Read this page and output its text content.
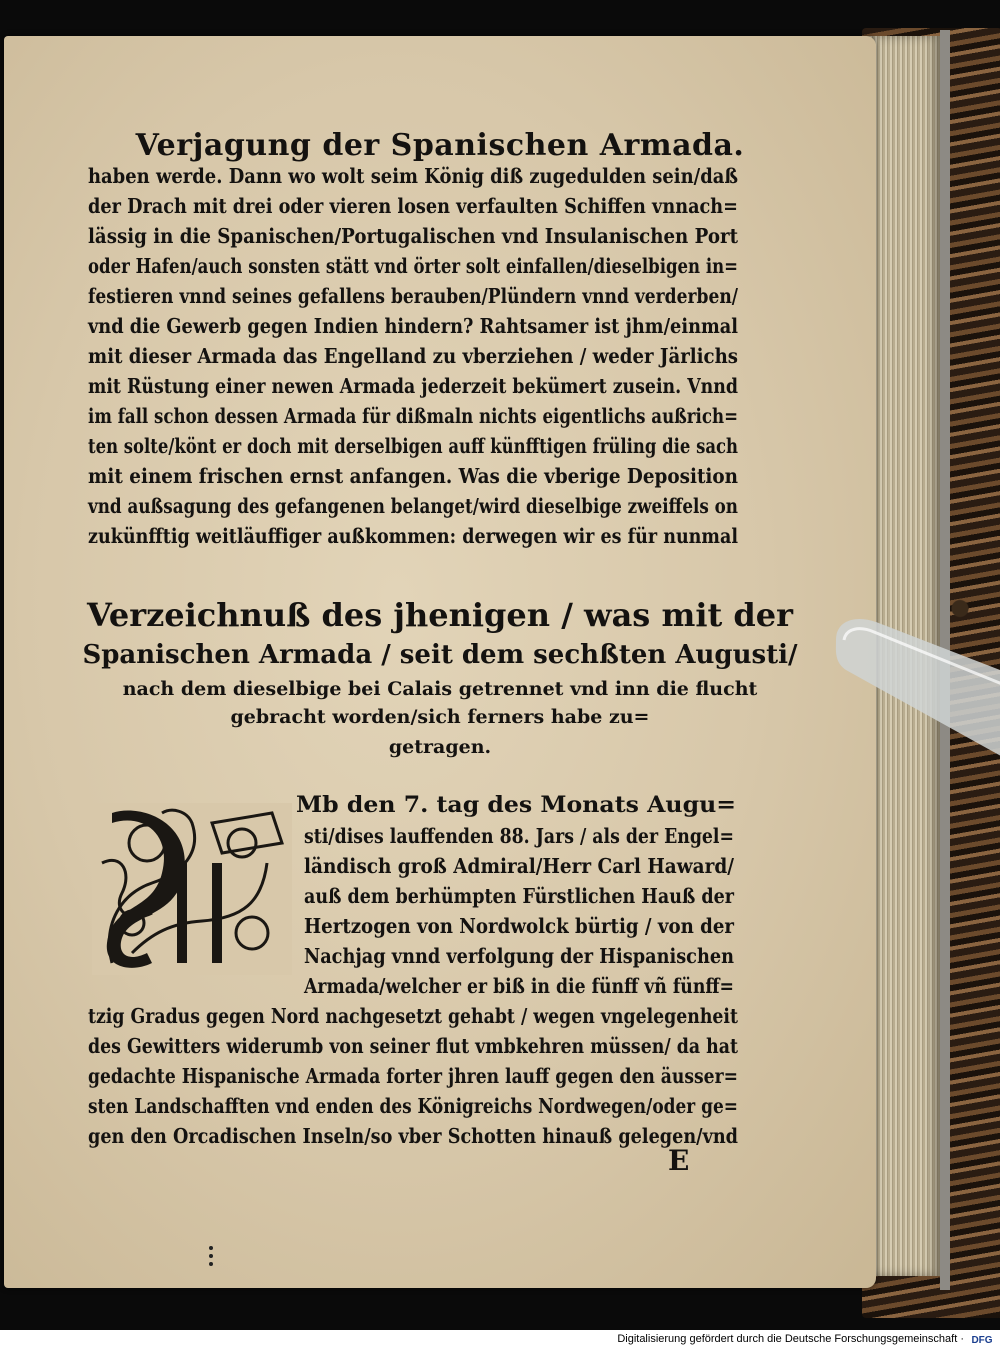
Verjagung der Spanischen Armada.
haben werde. Dann wo wolt seim König diß zugedulden sein/daß
der Drach mit drei oder vieren losen verfaulten Schiffen vnnach=
lässig in die Spanischen/Portugalischen vnd Insulanischen Port
oder Hafen/auch sonsten stätt vnd örter solt einfallen/dieselbigen in=
festieren vnnd seines gefallens berauben/Plündern vnnd verderben/
vnd die Gewerb gegen Indien hindern? Rahtsamer ist jhm/einmal
mit dieser Armada das Engelland zu vberziehen / weder Järlichs
mit Rüstung einer newen Armada jederzeit bekümert zusein. Vnnd
im fall schon dessen Armada für dißmaln nichts eigentlichs außrich=
ten solte/könt er doch mit derselbigen auff künfftigen früling die sach
mit einem frischen ernst anfangen. Was die vberige Deposition
vnd außsagung des gefangenen belanget/wird dieselbige zweiffels on
zukünfftig weitläuffiger außkommen: derwegen wir es für nunmal
Verzeichnuß des jhenigen / was mit der
Spanischen Armada / seit dem sechßten Augusti/
nach dem dieselbige bei Calais getrennet vnd inn die flucht
gebracht worden/sich ferners habe zu=
getragen.
Mb den 7. tag des Monats Augu=
sti/dises lauffenden 88. Jars / als der Engel=
ländisch groß Admiral/Herr Carl Haward/
auß dem berhümpten Fürstlichen Hauß der
Hertzogen von Nordwolck bürtig / von der
Nachjag vnnd verfolgung der Hispanischen
Armada/welcher er biß in die fünff vñ fünff=
tzig Gradus gegen Nord nachgesetzt gehabt / wegen vngelegenheit
des Gewitters widerumb von seiner flut vmbkehren müssen/ da hat
gedachte Hispanische Armada forter jhren lauff gegen den äusser=
sten Landschafften vnd enden des Königreichs Nordwegen/oder ge=
gen den Orcadischen Inseln/so vber Schotten hinauß gelegen/vnd
E
Digitalisierung gefördert durch die Deutsche Forschungsgemeinschaft · DFG
